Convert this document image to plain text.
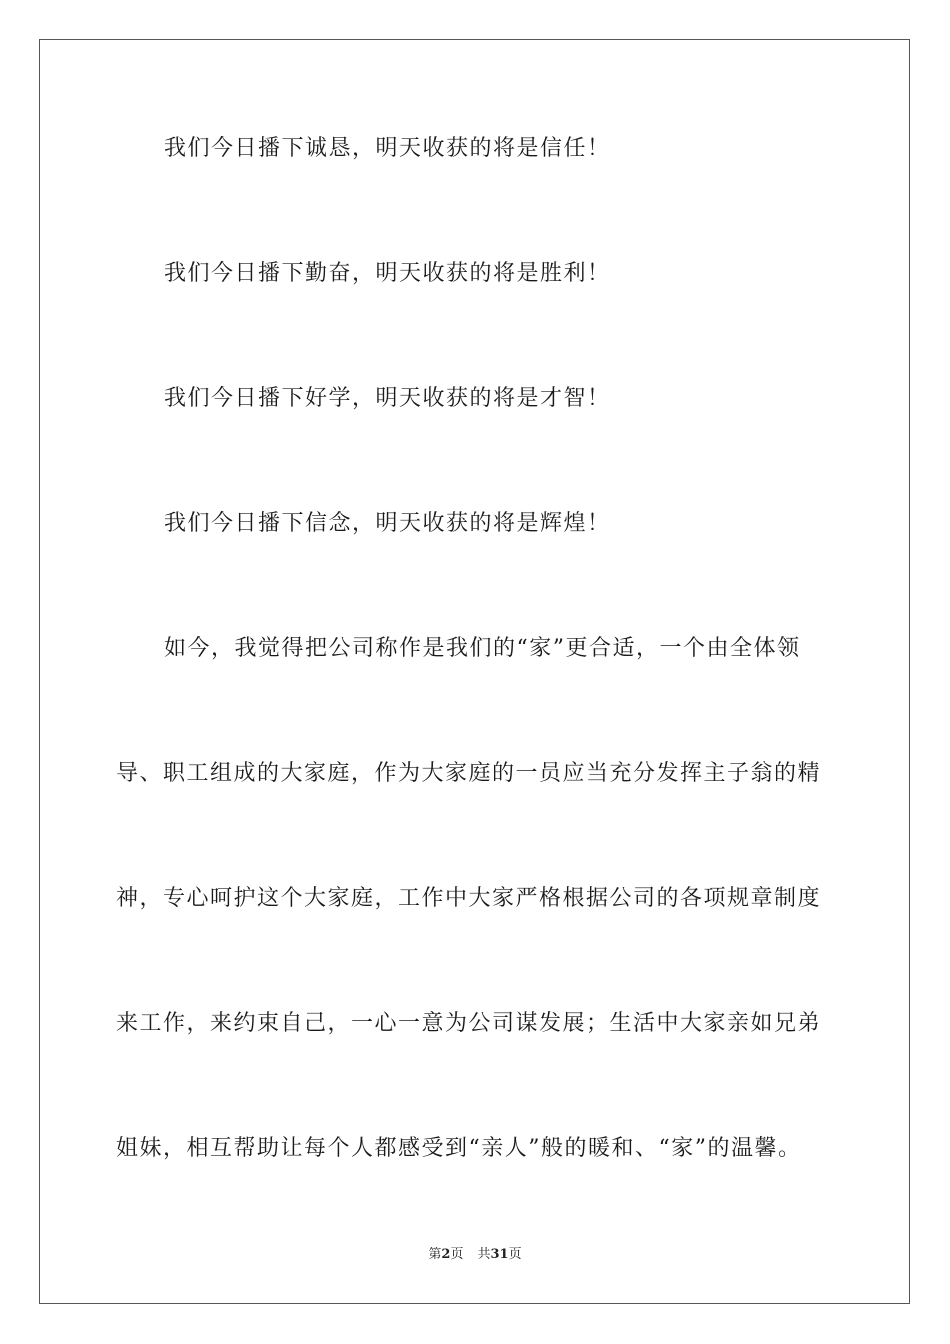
我们今日播下诚恳，明天收获的将是信任！
我们今日播下勤奋，明天收获的将是胜利！
我们今日播下好学，明天收获的将是才智！
我们今日播下信念，明天收获的将是辉煌！
如今，我觉得把公司称作是我们的“家”更合适，一个由全体领
导、职工组成的大家庭，作为大家庭的一员应当充分发挥主子翁的精
神，专心呵护这个大家庭，工作中大家严格根据公司的各项规章制度
来工作，来约束自己，一心一意为公司谋发展；生活中大家亲如兄弟
姐妹，相互帮助让每个人都感受到“亲人”般的暖和、“家”的温馨。
第2页 共31页
